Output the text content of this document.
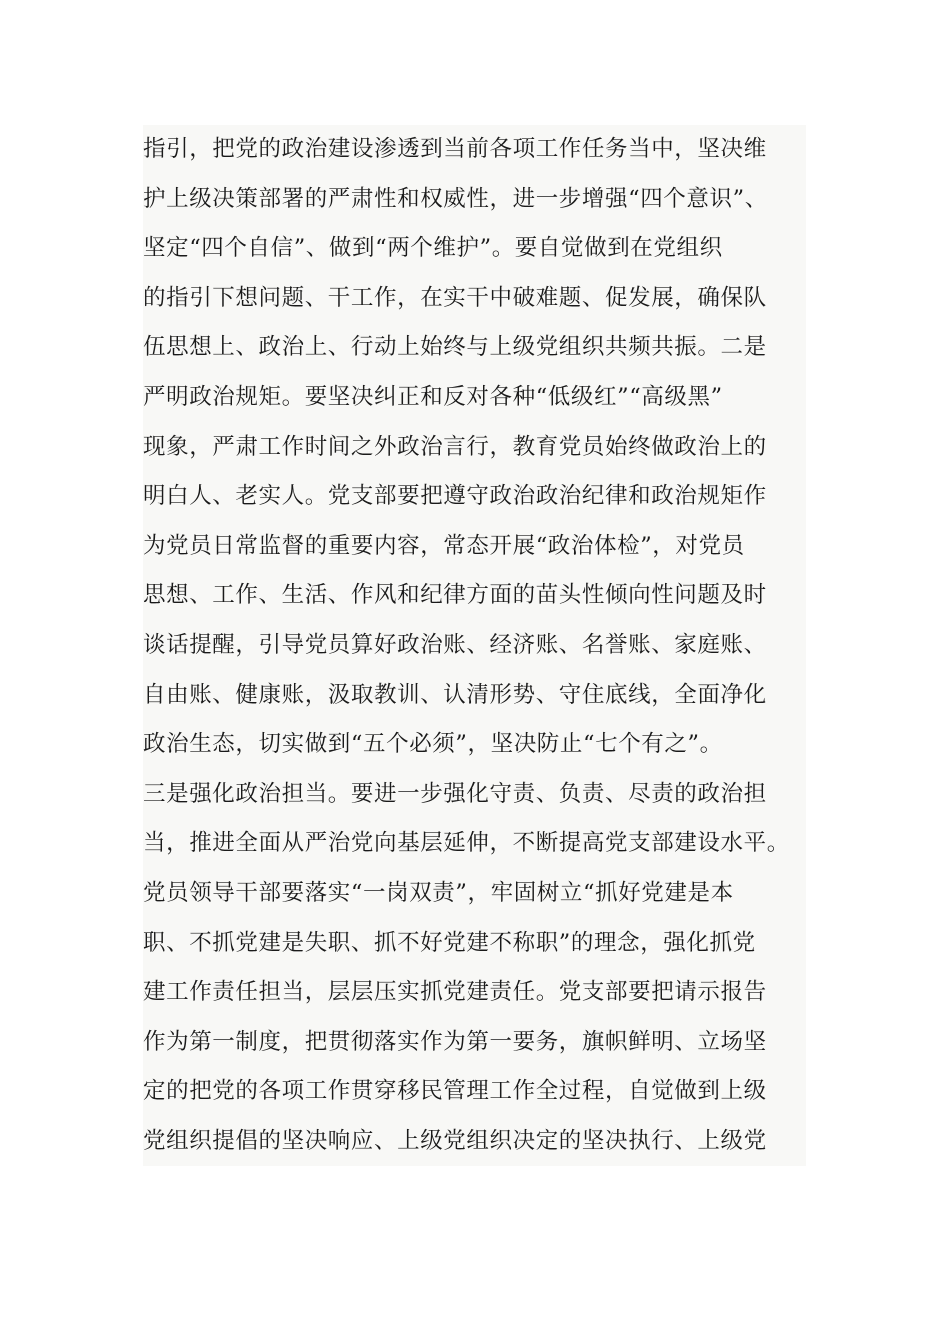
指引，把党的政治建设渗透到当前各项工作任务当中，坚决维
护上级决策部署的严肃性和权威性，进一步增强“四个意识”、
坚定“四个自信”、做到“两个维护”。要自觉做到在党组织
的指引下想问题、干工作，在实干中破难题、促发展，确保队
伍思想上、政治上、行动上始终与上级党组织共频共振。二是
严明政治规矩。要坚决纠正和反对各种“低级红”“高级黑”
现象，严肃工作时间之外政治言行，教育党员始终做政治上的
明白人、老实人。党支部要把遵守政治政治纪律和政治规矩作
为党员日常监督的重要内容，常态开展“政治体检”，对党员
思想、工作、生活、作风和纪律方面的苗头性倾向性问题及时
谈话提醒，引导党员算好政治账、经济账、名誉账、家庭账、
自由账、健康账，汲取教训、认清形势、守住底线，全面净化
政治生态，切实做到“五个必须”，坚决防止“七个有之”。
三是强化政治担当。要进一步强化守责、负责、尽责的政治担
当，推进全面从严治党向基层延伸，不断提高党支部建设水平。
党员领导干部要落实“一岗双责”，牢固树立“抓好党建是本
职、不抓党建是失职、抓不好党建不称职”的理念，强化抓党
建工作责任担当，层层压实抓党建责任。党支部要把请示报告
作为第一制度，把贯彻落实作为第一要务，旗帜鲜明、立场坚
定的把党的各项工作贯穿移民管理工作全过程，自觉做到上级
党组织提倡的坚决响应、上级党组织决定的坚决执行、上级党
